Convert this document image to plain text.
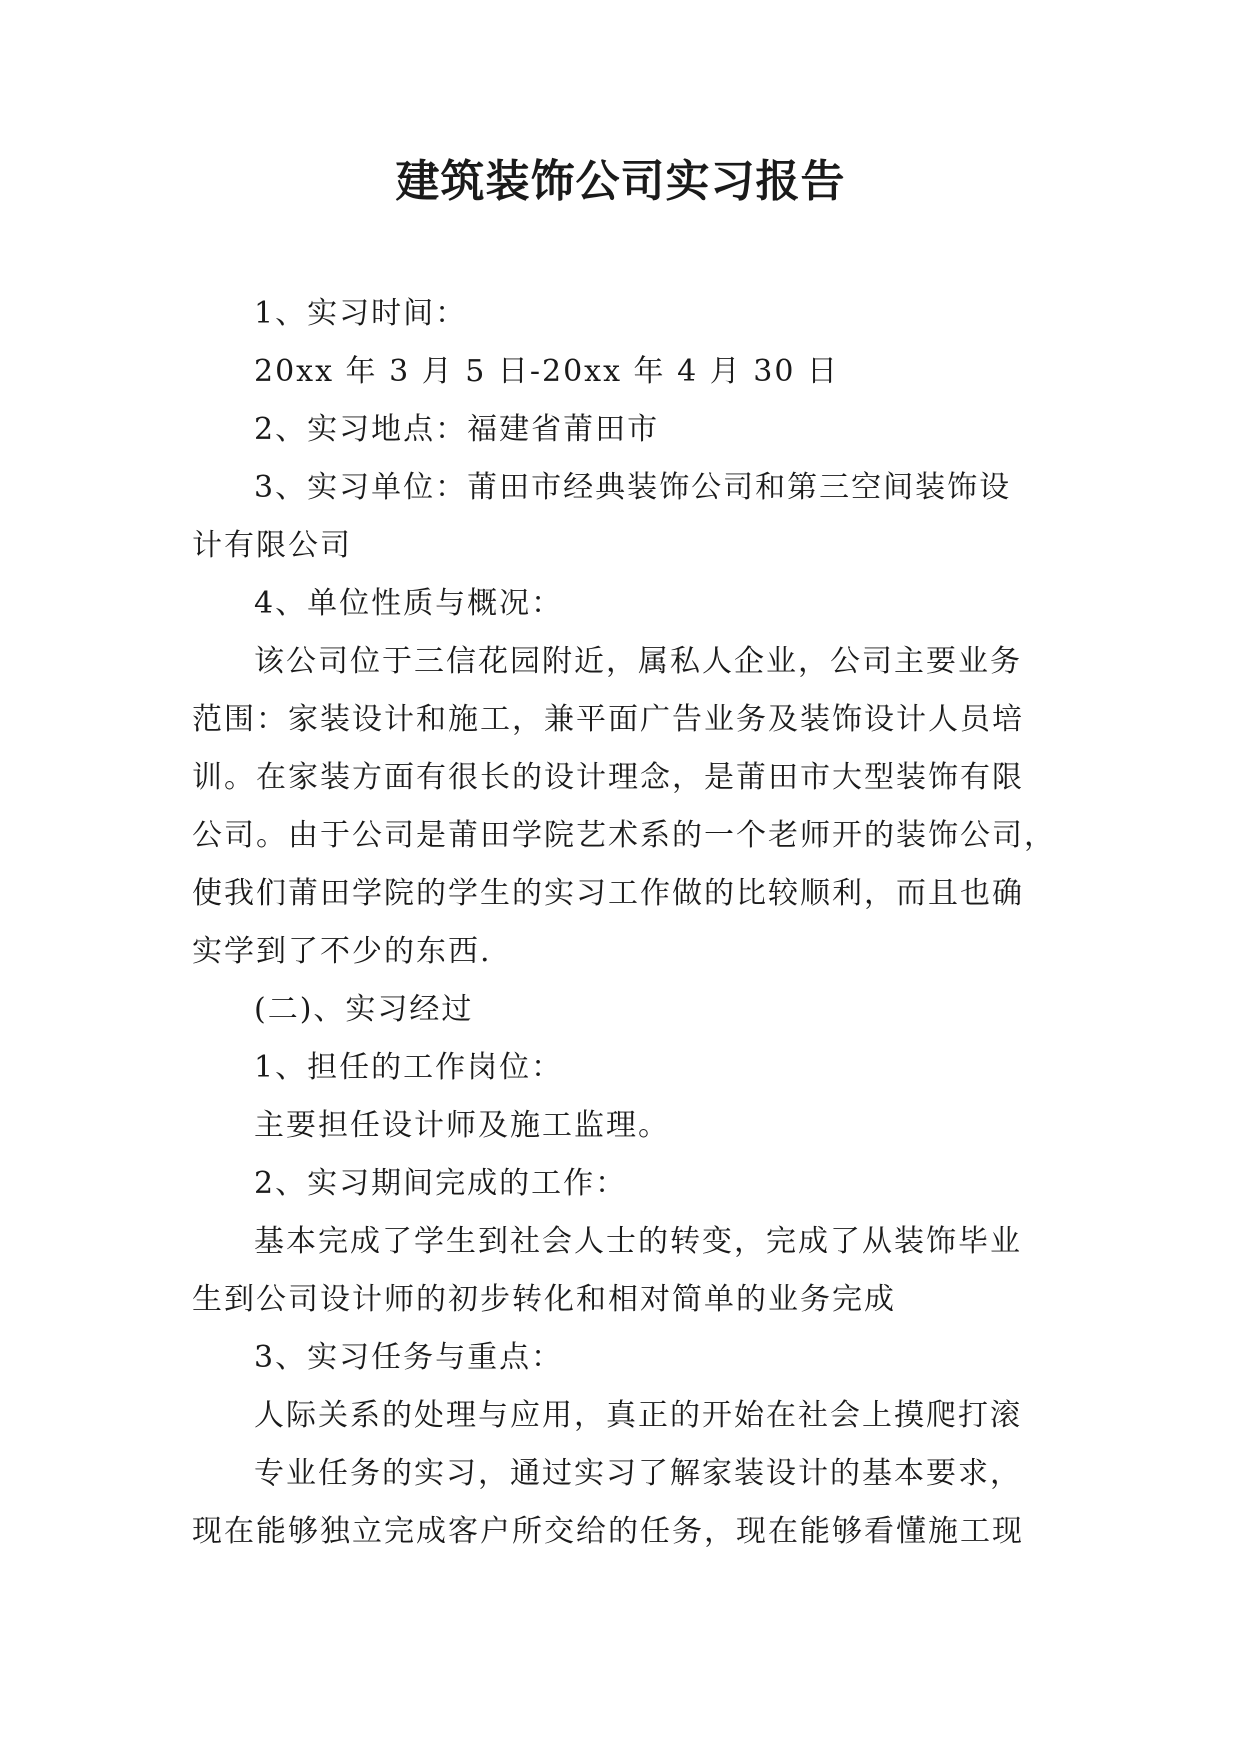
建筑装饰公司实习报告
1、实习时间：
20xx 年 3 月 5 日-20xx 年 4 月 30 日
2、实习地点：福建省莆田市
3、实习单位：莆田市经典装饰公司和第三空间装饰设
计有限公司
4、单位性质与概况：
该公司位于三信花园附近，属私人企业，公司主要业务
范围：家装设计和施工，兼平面广告业务及装饰设计人员培
训。在家装方面有很长的设计理念，是莆田市大型装饰有限
公司。由于公司是莆田学院艺术系的一个老师开的装饰公司，
使我们莆田学院的学生的实习工作做的比较顺利，而且也确
实学到了不少的东西.
(二)、实习经过
1、担任的工作岗位：
主要担任设计师及施工监理。
2、实习期间完成的工作：
基本完成了学生到社会人士的转变，完成了从装饰毕业
生到公司设计师的初步转化和相对简单的业务完成
3、实习任务与重点：
人际关系的处理与应用，真正的开始在社会上摸爬打滚
专业任务的实习，通过实习了解家装设计的基本要求，
现在能够独立完成客户所交给的任务，现在能够看懂施工现
